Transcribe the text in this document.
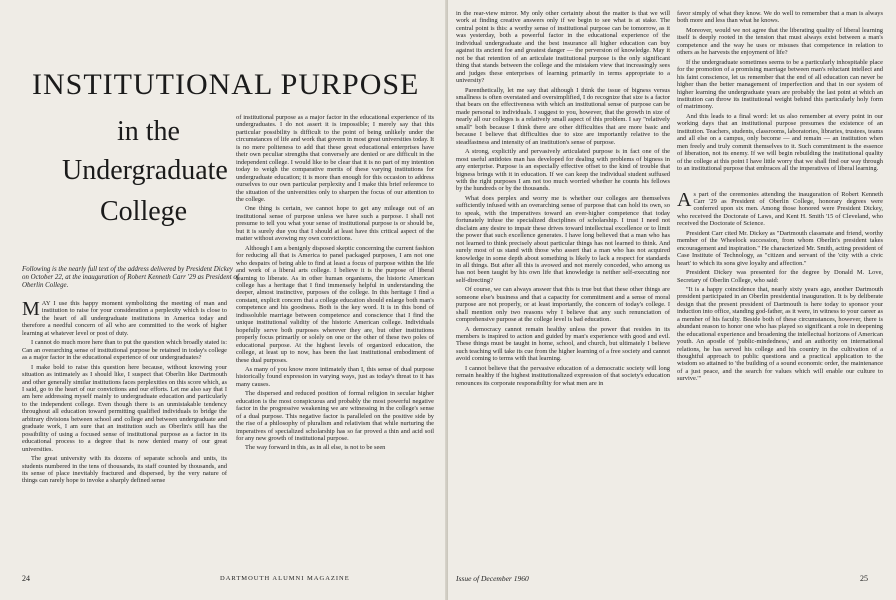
INSTITUTIONAL PURPOSE
in the
Undergraduate
College
Following is the nearly full text of the address delivered by President Dickey on October 22, at the inauguration of Robert Kenneth Carr '29 as President of Oberlin College.

MAY I use this happy moment symbolizing the meeting of man and institution to raise for your consideration a perplexity which is close to the heart of all undergraduate institutions in America today and therefore a needful concern of all who are committed to the work of higher learning at whatever level or post of duty.

I cannot do much more here than to put the question which broadly stated is: Can an overarching sense of institutional purpose be retained in today's college as a major factor in the educational experience of our undergraduates?

I make bold to raise this question here because, without knowing your situation as intimately as I should like, I suspect that Oberlin like Dartmouth and other generally similar institutions faces perplexities on this score which, as I said, go to the heart of our convictions and our efforts. Let me also say that I am here addressing myself mainly to undergraduate education and particularly to the independent college. Even though there is an unmistakable tendency throughout all education toward permitting qualified individuals to bridge the arbitrary divisions between school and college and between undergraduate and graduate work, I am sure that an institution such as Oberlin's still has the possibility of using a focused sense of institutional purpose as a factor in its educational process to a degree that is now denied many of our great universities.

The great university with its dozens of separate schools and units, its students numbered in the tens of thousands, its staff counted by thousands, and its sense of place inevitably fractured and dispersed, by the very nature of things can rarely hope to invoke a sharply defined sense

of institutional purpose as a major factor in the educational experience of its undergraduates. I do not assert it is impossible; I merely say that this particular possibility is difficult to the point of being unlikely under the circumstances of life and work that govern in most great universities today. It is no mere politeness to add that these great educational enterprises have their own peculiar strengths that conversely are denied or are difficult in the independent college. I would like to be clear that it is no part of my intention today to weigh the comparative merits of these varying institutions for undergraduate education; it is more than enough for this occasion to address ourselves to our own particular perplexity and I make this brief reference to the situation of the universities only to sharpen the focus of our attention to the college.

One thing is certain, we cannot hope to get any mileage out of an institutional sense of purpose unless we have such a purpose. I shall not presume to tell you what your sense of institutional purpose is or should be, but it is surely due you that I should at least have this critical aspect of the matter without avowing my own convictions.

Although I am a benignly disposed skeptic concerning the current fashion for reducing all that is America to panel packaged purposes, I am not one who despairs of being able to find at least a focus of purpose within the life and work of a liberal arts college. I believe it is the purpose of liberal learning to liberate. As in other human organisms, the historic American college has a heritage that I find immensely helpful in understanding the deeper, almost instinctive, purposes of the college. In this heritage I find a constant, explicit concern that a college education should enlarge both man's competence and his goodness. Both is the key word. It is in this bond of indissoluble marriage between competence and conscience that I find the unique institutional validity of the historic American college. Individuals hopefully serve both purposes wherever they are, but other institutions properly focus primarily or solely on one or the other of these two poles of educational purpose. At the highest levels of organized education, the college, at least up to now, has been the last institutional embodiment of these dual purposes.

As many of you know more intimately than I, this sense of dual purpose historically found expression in varying ways, just as today's threat to it has many causes.

The dispersed and reduced position of formal religion in secular higher education is the most conspicuous and probably the most powerful negative factor in the progressive weakening we are witnessing in the college's sense of a dual purpose. This negative factor is paralleled on the positive side by the rise of a philosophy of pluralism and relativism that while nurturing the imperatives of specialized scholarship has so far proved a thin and acid soil for any new growth of institutional purpose.

The way forward in this, as in all else, is not to be seen

24	DARTMOUTH ALUMNI MAGAZINE

in the rear-view mirror. My only other certainty about the matter is that we will work at finding creative answers only if we begin to see what is at stake. The central point is this: a worthy sense of institutional purpose can be tomorrow, as it was yesterday, both a powerful factor in the educational experience of the individual undergraduate and the best insurance all higher education can buy against its ancient foe and greatest danger — the perversion of knowledge. May it not be that retention of an articulate institutional purpose is the only significant thing that stands between the college and the mistaken view that increasingly sees and judges these enterprises of learning primarily in terms appropriate to a university?

Parenthetically, let me say that although I think the issue of bigness versus smallness is often overstated and oversimplified, I do recognize that size is a factor that bears on the effectiveness with which an institutional sense of purpose can be made personal to individuals. I suggest to you, however, that the growth in size of nearly all our colleges is a relatively small aspect of this problem. I say "relatively small" both because I think there are other difficulties that are more basic and because I believe that difficulties due to size are importantly relative to the steadfastness and intensity of an institution's sense of purpose.

A strong, explicitly and pervasively articulated purpose is in fact one of the most useful antidotes man has developed for dealing with problems of bigness in any enterprise. Purpose is an especially effective offset to the kind of trouble that bigness brings with it in education. If we can keep the individual student suffused with the right purposes I am not too much worried whether he counts his fellows by the hundreds or by the thousands.

What does perplex and worry me is whether our colleges are themselves sufficiently infused with an overarching sense of purpose that can hold its own, so to speak, with the imperatives toward an ever-higher competence that today fortunately infuse the specialized disciplines of scholarship. I trust I need not disclaim any desire to impair these drives toward intellectual excellence or to limit the power that such excellence generates. I have long believed that a man who has not learned to think precisely about particular things has not learned to think. And surely most of us stand with those who assert that a man who has not acquired knowledge in some depth about something is likely to lack a respect for standards in all things. But after all this is avowed and not merely conceded, who among us has not been taught by his own life that knowledge is neither self-executing nor self-directing?

Of course, we can always answer that this is true but that these other things are someone else's business and that a capacity for commitment and a sense of moral purpose are not properly, or at least importantly, the concern of today's college. I shall mention only two reasons why I believe that any such renunciation of comprehensive purpose at the college level is bad education.

A democracy cannot remain healthy unless the power that resides in its members is inspired to action and guided by man's experience with good and evil. These things must be taught in home, school, and church, but ultimately I believe such teaching will take its cue from the higher learning of a free society and cannot avoid coming to terms with that learning.

I cannot believe that the pervasive education of a democratic society will long remain healthy if the highest institutionalized expression of that society's education renounces its corporate responsibility for what men are in

favor simply of what they know. We do well to remember that a man is always both more and less than what he knows.

Moreover, would we not agree that the liberating quality of liberal learning itself is deeply rooted in the tension that must always exist between a man's competence and the way he uses or misuses that competence in relation to others as he harvests the enjoyment of life?

If the undergraduate sometimes seems to be a particularly inhospitable place for the promotion of a promising marriage between man's reluctant intellect and his faint conscience, let us remember that the end of all education can never be higher than the better management of imperfection and that in our system of higher learning the undergraduate years are probably the last point at which an institution can throw its institutional weight behind this particularly holy form of matrimony.

And this leads to a final word: let us also remember at every point in our working days that an institutional purpose presumes the existence of an institution. Teachers, students, classrooms, laboratories, libraries, trustees, teams and all else on a campus, only become — and remain — an institution when men freely and truly commit themselves to it. Such commitment is the essence of liberation, not its enemy. If we will begin rebuilding the institutional quality of the college at this point I have little worry that we shall find our way through to an institutional purpose that embraces all the imperatives of liberal learning.

As part of the ceremonies attending the inauguration of Robert Kenneth Carr '29 as President of Oberlin College, honorary degrees were conferred upon six men. Among those honored were President Dickey, who received the Doctorate of Laws, and Kent H. Smith '15 of Cleveland, who received the Doctorate of Science.

President Carr cited Mr. Dickey as "Dartmouth classmate and friend, worthy member of the Wheelock succession, from whom Oberlin's president takes encouragement and inspiration." He characterized Mr. Smith, acting president of Case Institute of Technology, as "citizen and servant of the 'city with a civic heart' to which its sons give loyalty and affection."

President Dickey was presented for the degree by Donald M. Love, Secretary of Oberlin College, who said:

"It is a happy coincidence that, nearly sixty years ago, another Dartmouth president participated in an Oberlin presidential inauguration. It is by deliberate design that the present president of Dartmouth is here today to sponsor your induction into office, standing god-father, as it were, in witness to your career as a member of his faculty. Beside both of these circumstances, however, there is abundant reason to honor one who has played so significant a role in deepening the educational experience and broadening the intellectual horizons of American youth. An apostle of 'public-mindedness,' and an authority on international relations, he has served his college and his country in the cultivation of a thoughtful approach to public questions and a practical application to the wisdom so attained to 'the building of a sound economic order, the maintenance of a just peace, and the search for values which will enable our culture to survive.'"

Issue of December 1960	25
